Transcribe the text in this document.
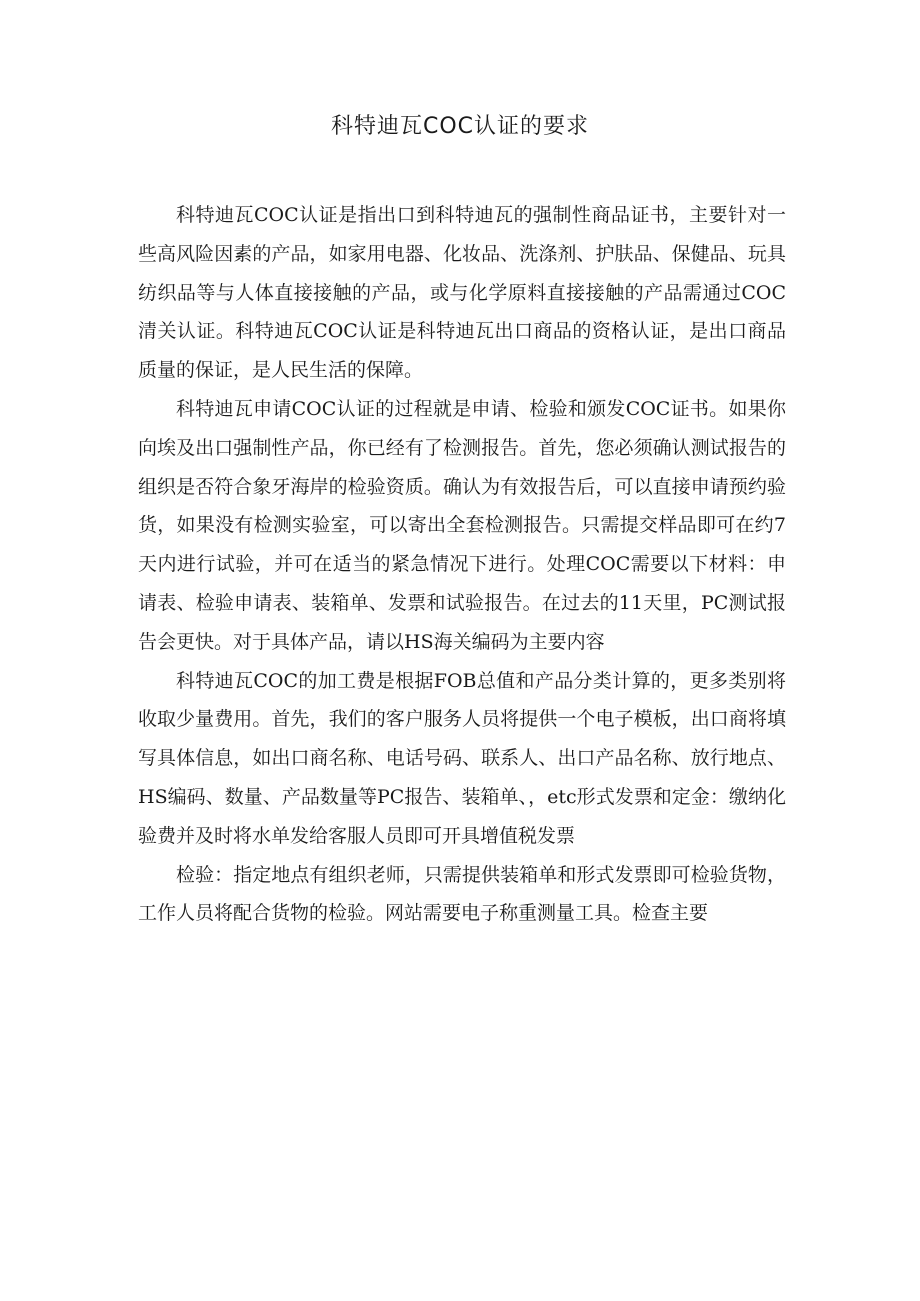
科特迪瓦COC认证的要求

科特迪瓦COC认证是指出口到科特迪瓦的强制性商品证书，主要针对一些高风险因素的产品，如家用电器、化妆品、洗涤剂、护肤品、保健品、玩具纺织品等与人体直接接触的产品，或与化学原料直接接触的产品需通过COC清关认证。科特迪瓦COC认证是科特迪瓦出口商品的资格认证，是出口商品质量的保证，是人民生活的保障。

科特迪瓦申请COC认证的过程就是申请、检验和颁发COC证书。如果你向埃及出口强制性产品，你已经有了检测报告。首先，您必须确认测试报告的组织是否符合象牙海岸的检验资质。确认为有效报告后，可以直接申请预约验货，如果没有检测实验室，可以寄出全套检测报告。只需提交样品即可在约7天内进行试验，并可在适当的紧急情况下进行。处理COC需要以下材料：申请表、检验申请表、装箱单、发票和试验报告。在过去的11天里，PC测试报告会更快。对于具体产品，请以HS海关编码为主要内容

科特迪瓦COC的加工费是根据FOB总值和产品分类计算的，更多类别将收取少量费用。首先，我们的客户服务人员将提供一个电子模板，出口商将填写具体信息，如出口商名称、电话号码、联系人、出口产品名称、放行地点、HS编码、数量、产品数量等PC报告、装箱单、，etc形式发票和定金：缴纳化验费并及时将水单发给客服人员即可开具增值税发票

检验：指定地点有组织老师，只需提供装箱单和形式发票即可检验货物，工作人员将配合货物的检验。网站需要电子称重测量工具。检查主要
